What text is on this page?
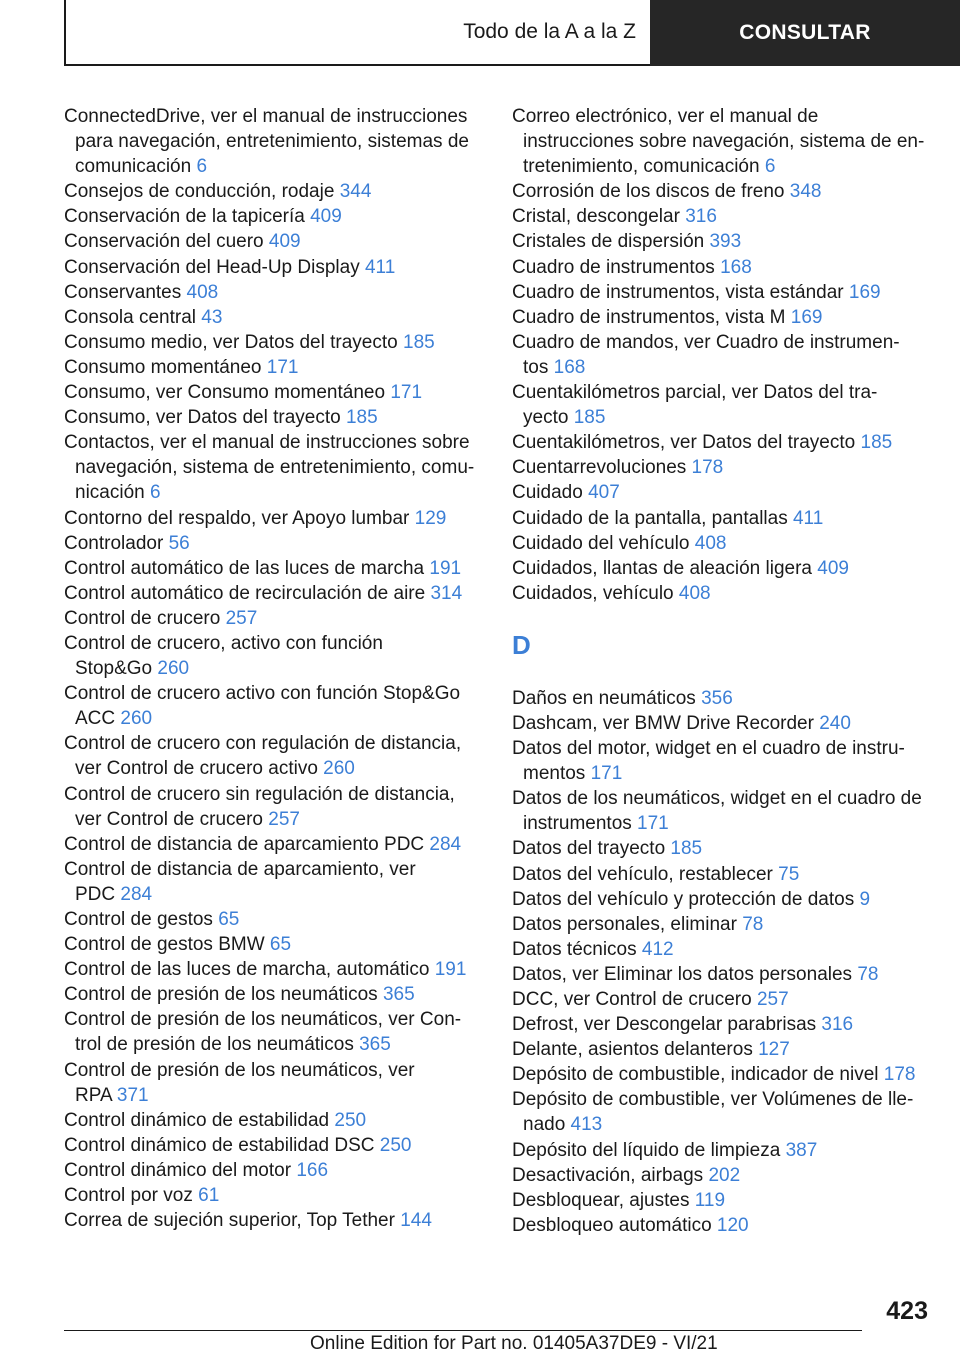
Todo de la A a la Z	CONSULTAR
ConnectedDrive, ver el manual de instrucciones
para navegación, entretenimiento, sistemas de
comunicación 6
Consejos de conducción, rodaje 344
Conservación de la tapicería 409
Conservación del cuero 409
Conservación del Head-Up Display 411
Conservantes 408
Consola central 43
Consumo medio, ver Datos del trayecto 185
Consumo momentáneo 171
Consumo, ver Consumo momentáneo 171
Consumo, ver Datos del trayecto 185
Contactos, ver el manual de instrucciones sobre
navegación, sistema de entretenimiento, comu-
nicación 6
Contorno del respaldo, ver Apoyo lumbar 129
Controlador 56
Control automático de las luces de marcha 191
Control automático de recirculación de aire 314
Control de crucero 257
Control de crucero, activo con función
Stop&Go 260
Control de crucero activo con función Stop&Go
ACC 260
Control de crucero con regulación de distancia,
ver Control de crucero activo 260
Control de crucero sin regulación de distancia,
ver Control de crucero 257
Control de distancia de aparcamiento PDC 284
Control de distancia de aparcamiento, ver
PDC 284
Control de gestos 65
Control de gestos BMW 65
Control de las luces de marcha, automático 191
Control de presión de los neumáticos 365
Control de presión de los neumáticos, ver Con-
trol de presión de los neumáticos 365
Control de presión de los neumáticos, ver
RPA 371
Control dinámico de estabilidad 250
Control dinámico de estabilidad DSC 250
Control dinámico del motor 166
Control por voz 61
Correa de sujeción superior, Top Tether 144
Correo electrónico, ver el manual de
instrucciones sobre navegación, sistema de en-
tretenimiento, comunicación 6
Corrosión de los discos de freno 348
Cristal, descongelar 316
Cristales de dispersión 393
Cuadro de instrumentos 168
Cuadro de instrumentos, vista estándar 169
Cuadro de instrumentos, vista M 169
Cuadro de mandos, ver Cuadro de instrumen-
tos 168
Cuentakilómetros parcial, ver Datos del tra-
yecto 185
Cuentakilómetros, ver Datos del trayecto 185
Cuentarrevoluciones 178
Cuidado 407
Cuidado de la pantalla, pantallas 411
Cuidado del vehículo 408
Cuidados, llantas de aleación ligera 409
Cuidados, vehículo 408
D
Daños en neumáticos 356
Dashcam, ver BMW Drive Recorder 240
Datos del motor, widget en el cuadro de instru-
mentos 171
Datos de los neumáticos, widget en el cuadro de
instrumentos 171
Datos del trayecto 185
Datos del vehículo, restablecer 75
Datos del vehículo y protección de datos 9
Datos personales, eliminar 78
Datos técnicos 412
Datos, ver Eliminar los datos personales 78
DCC, ver Control de crucero 257
Defrost, ver Descongelar parabrisas 316
Delante, asientos delanteros 127
Depósito de combustible, indicador de nivel 178
Depósito de combustible, ver Volúmenes de lle-
nado 413
Depósito del líquido de limpieza 387
Desactivación, airbags 202
Desbloquear, ajustes 119
Desbloqueo automático 120
423
Online Edition for Part no. 01405A37DE9 - VI/21
